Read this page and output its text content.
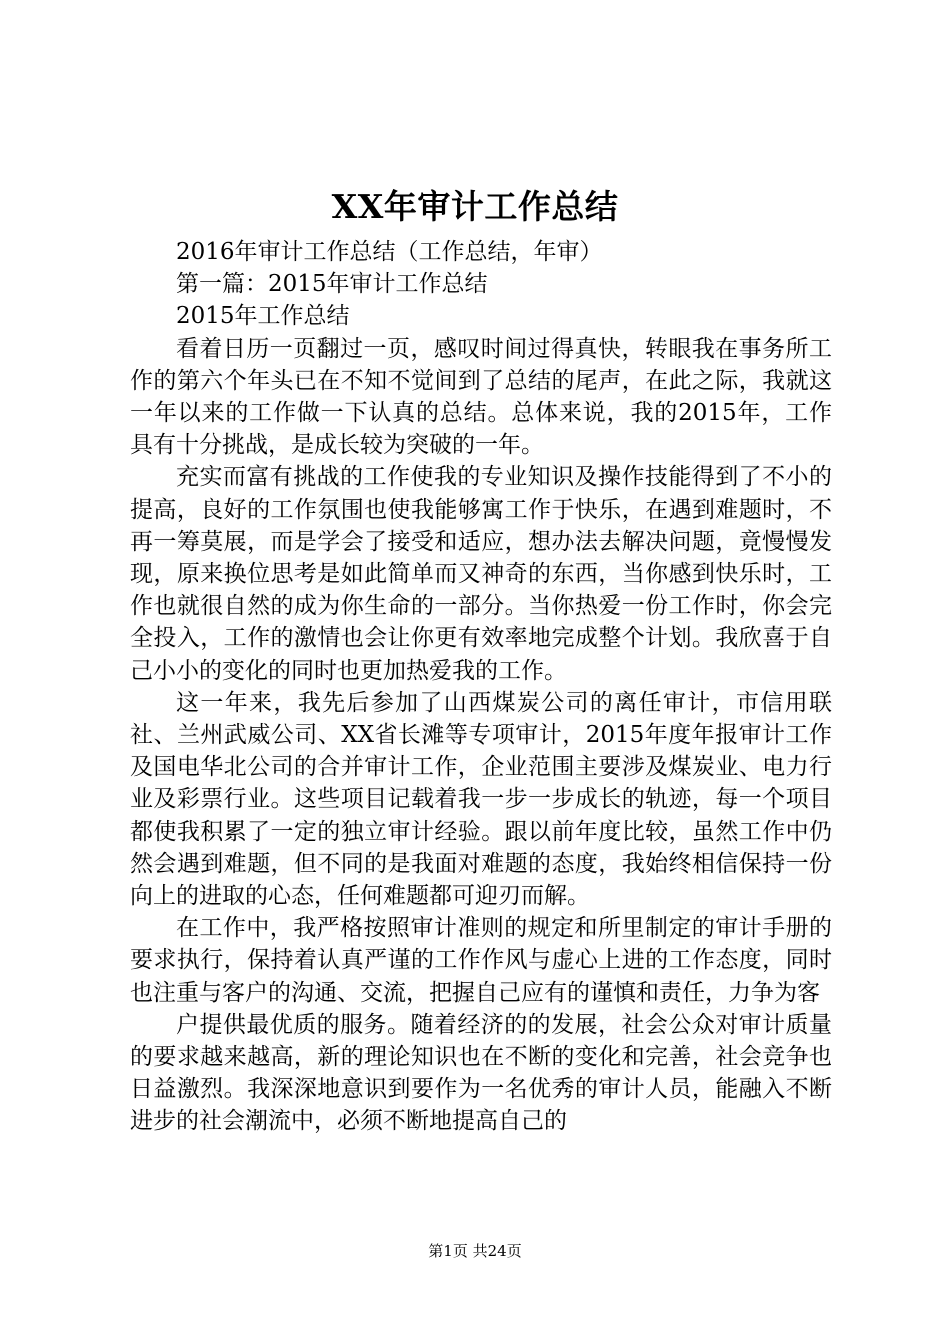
XX年审计工作总结

2016年审计工作总结（工作总结，年审）

第一篇：2015年审计工作总结

2015年工作总结

看着日历一页翻过一页，感叹时间过得真快，转眼我在事务所工作的第六个年头已在不知不觉间到了总结的尾声，在此之际，我就这一年以来的工作做一下认真的总结。总体来说，我的2015年，工作具有十分挑战，是成长较为突破的一年。

充实而富有挑战的工作使我的专业知识及操作技能得到了不小的提高，良好的工作氛围也使我能够寓工作于快乐，在遇到难题时，不再一筹莫展，而是学会了接受和适应，想办法去解决问题，竟慢慢发现，原来换位思考是如此简单而又神奇的东西，当你感到快乐时，工作也就很自然的成为你生命的一部分。当你热爱一份工作时，你会完全投入，工作的激情也会让你更有效率地完成整个计划。我欣喜于自己小小的变化的同时也更加热爱我的工作。

这一年来，我先后参加了山西煤炭公司的离任审计，市信用联社、兰州武威公司、XX省长滩等专项审计，2015年度年报审计工作及国电华北公司的合并审计工作，企业范围主要涉及煤炭业、电力行业及彩票行业。这些项目记载着我一步一步成长的轨迹，每一个项目都使我积累了一定的独立审计经验。跟以前年度比较，虽然工作中仍然会遇到难题，但不同的是我面对难题的态度，我始终相信保持一份向上的进取的心态，任何难题都可迎刃而解。

在工作中，我严格按照审计准则的规定和所里制定的审计手册的要求执行，保持着认真严谨的工作作风与虚心上进的工作态度，同时也注重与客户的沟通、交流，把握自己应有的谨慎和责任，力争为客

户提供最优质的服务。随着经济的的发展，社会公众对审计质量的要求越来越高，新的理论知识也在不断的变化和完善，社会竞争也日益激烈。我深深地意识到要作为一名优秀的审计人员，能融入不断进步的社会潮流中，必须不断地提高自己的

第1页 共24页
